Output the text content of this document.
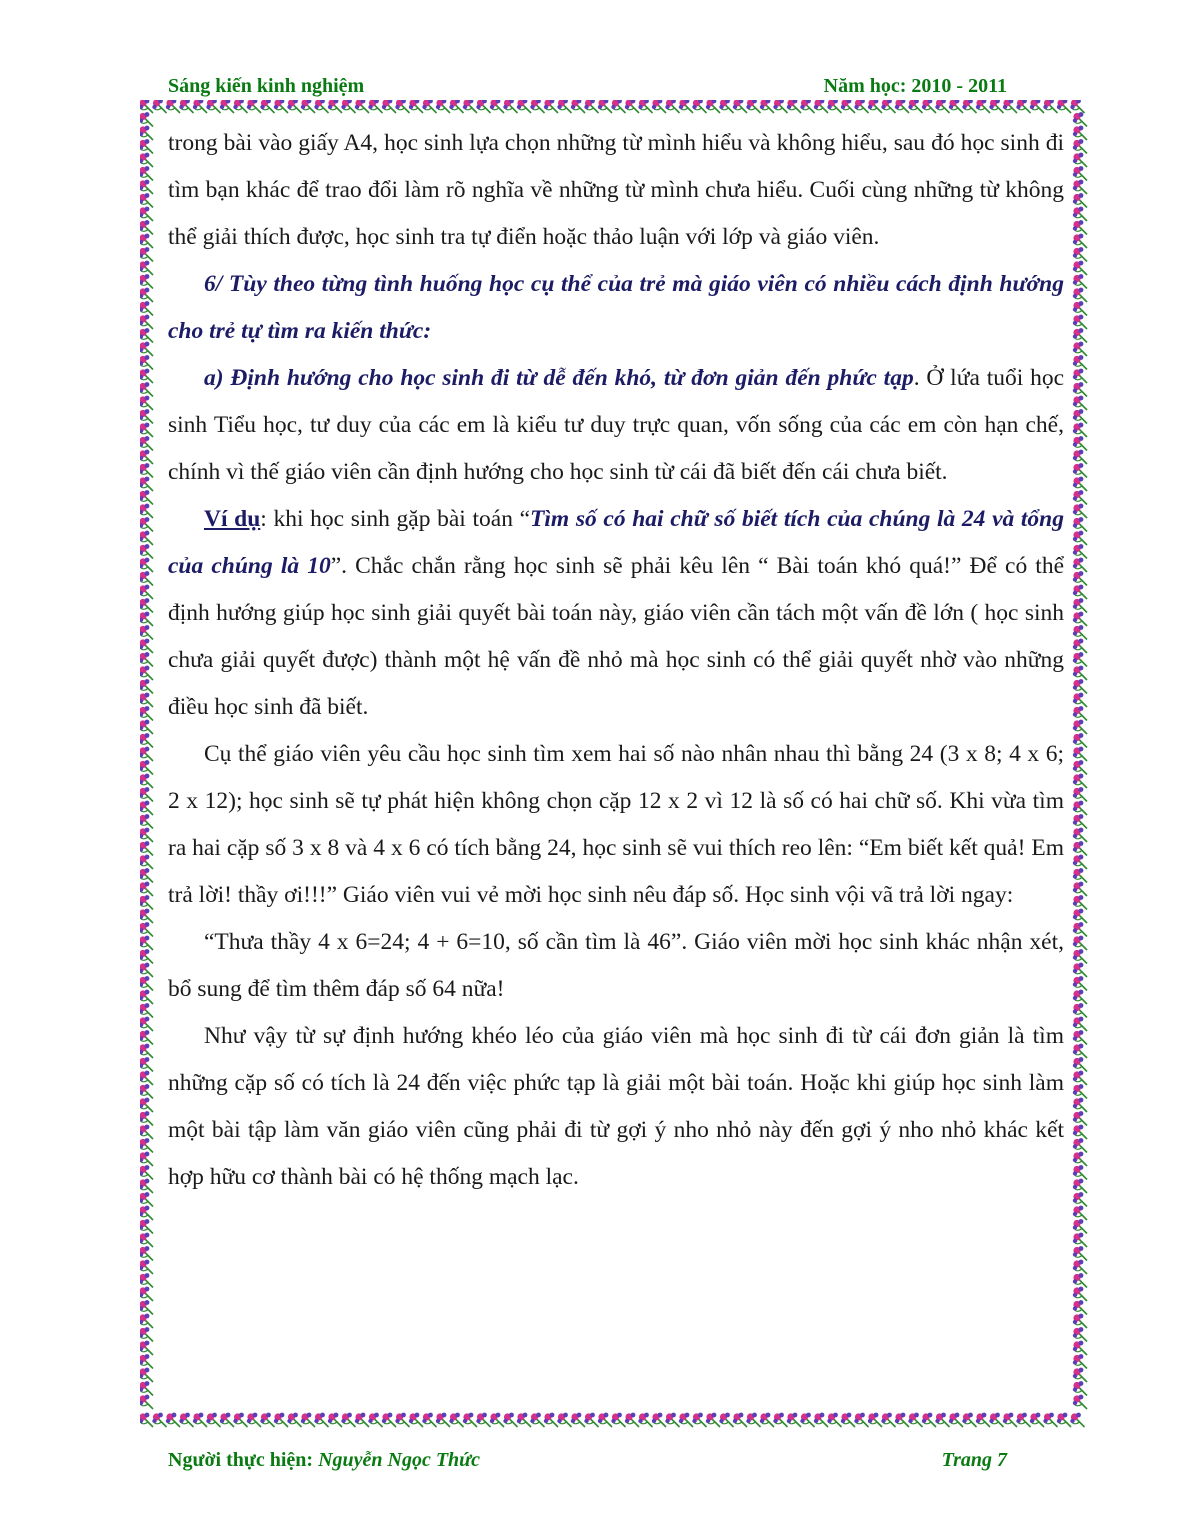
Sáng kiến kinh nghiệm	Năm học: 2010 - 2011

trong bài vào giấy A4, học sinh lựa chọn những từ mình hiểu và không hiểu, sau đó học sinh đi tìm bạn khác để trao đổi làm rõ nghĩa về những từ mình chưa hiểu. Cuối cùng những từ không thể giải thích được, học sinh tra tự điển hoặc thảo luận với lớp và giáo viên.

6/ Tùy theo từng tình huống học cụ thể của trẻ mà giáo viên có nhiều cách định hướng cho trẻ tự tìm ra kiến thức:

a) Định hướng cho học sinh đi từ dễ đến khó, từ đơn giản đến phức tạp. Ở lứa tuổi học sinh Tiểu học, tư duy của các em là kiểu tư duy trực quan, vốn sống của các em còn hạn chế, chính vì thế giáo viên cần định hướng cho học sinh từ cái đã biết đến cái chưa biết.

Ví dụ: khi học sinh gặp bài toán “Tìm số có hai chữ số biết tích của chúng là 24 và tổng của chúng là 10”. Chắc chắn rằng học sinh sẽ phải kêu lên “ Bài toán khó quá!” Để có thể định hướng giúp học sinh giải quyết bài toán này, giáo viên cần tách một vấn đề lớn ( học sinh chưa giải quyết được) thành một hệ vấn đề nhỏ mà học sinh có thể giải quyết nhờ vào những điều học sinh đã biết.

Cụ thể giáo viên yêu cầu học sinh tìm xem hai số nào nhân nhau thì bằng 24 (3 x 8; 4 x 6; 2 x 12); học sinh sẽ tự phát hiện không chọn cặp 12 x 2 vì 12 là số có hai chữ số. Khi vừa tìm ra hai cặp số 3 x 8 và 4 x 6 có tích bằng 24, học sinh sẽ vui thích reo lên: “Em biết kết quả! Em trả lời! thầy ơi!!!” Giáo viên vui vẻ mời học sinh nêu đáp số. Học sinh vội vã trả lời ngay:

“Thưa thầy 4 x 6=24; 4 + 6=10, số cần tìm là 46”. Giáo viên mời học sinh khác nhận xét, bổ sung để tìm thêm đáp số 64 nữa!

Như vậy từ sự định hướng khéo léo của giáo viên mà học sinh đi từ cái đơn giản là tìm những cặp số có tích là 24 đến việc phức tạp là giải một bài toán. Hoặc khi giúp học sinh làm một bài tập làm văn giáo viên cũng phải đi từ gợi ý nho nhỏ này đến gợi ý nho nhỏ khác kết hợp hữu cơ thành bài có hệ thống mạch lạc.

Người thực hiện: Nguyễn Ngọc Thức	Trang 7
